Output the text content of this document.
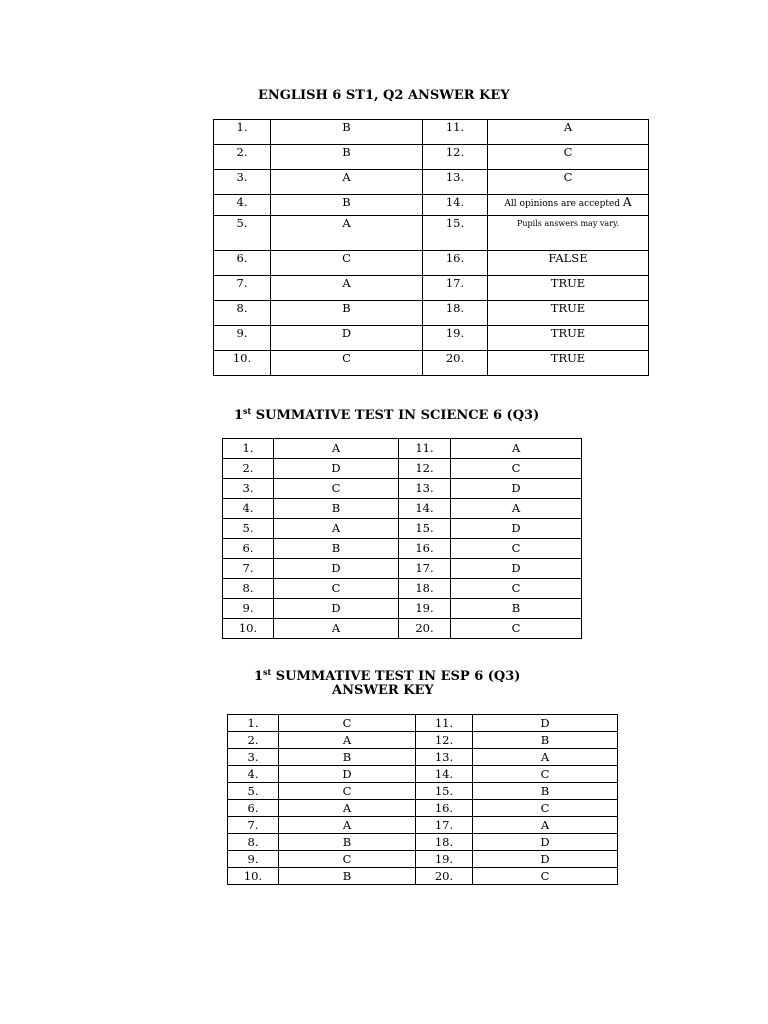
ENGLISH 6 ST1, Q2 ANSWER KEY
1.	B	11.	A
2.	B	12.	C
3.	A	13.	C
4.	B	14.	All opinions are accepted A
5.	A	15.	Pupils answers may vary.
6.	C	16.	FALSE
7.	A	17.	TRUE
8.	B	18.	TRUE
9.	D	19.	TRUE
10.	C	20.	TRUE
1st SUMMATIVE TEST IN SCIENCE 6 (Q3)
1.	A	11.	A
2.	D	12.	C
3.	C	13.	D
4.	B	14.	A
5.	A	15.	D
6.	B	16.	C
7.	D	17.	D
8.	C	18.	C
9.	D	19.	B
10.	A	20.	C
1st SUMMATIVE TEST IN ESP 6 (Q3)
ANSWER KEY
1.	C	11.	D
2.	A	12.	B
3.	B	13.	A
4.	D	14.	C
5.	C	15.	B
6.	A	16.	C
7.	A	17.	A
8.	B	18.	D
9.	C	19.	D
10.	B	20.	C
